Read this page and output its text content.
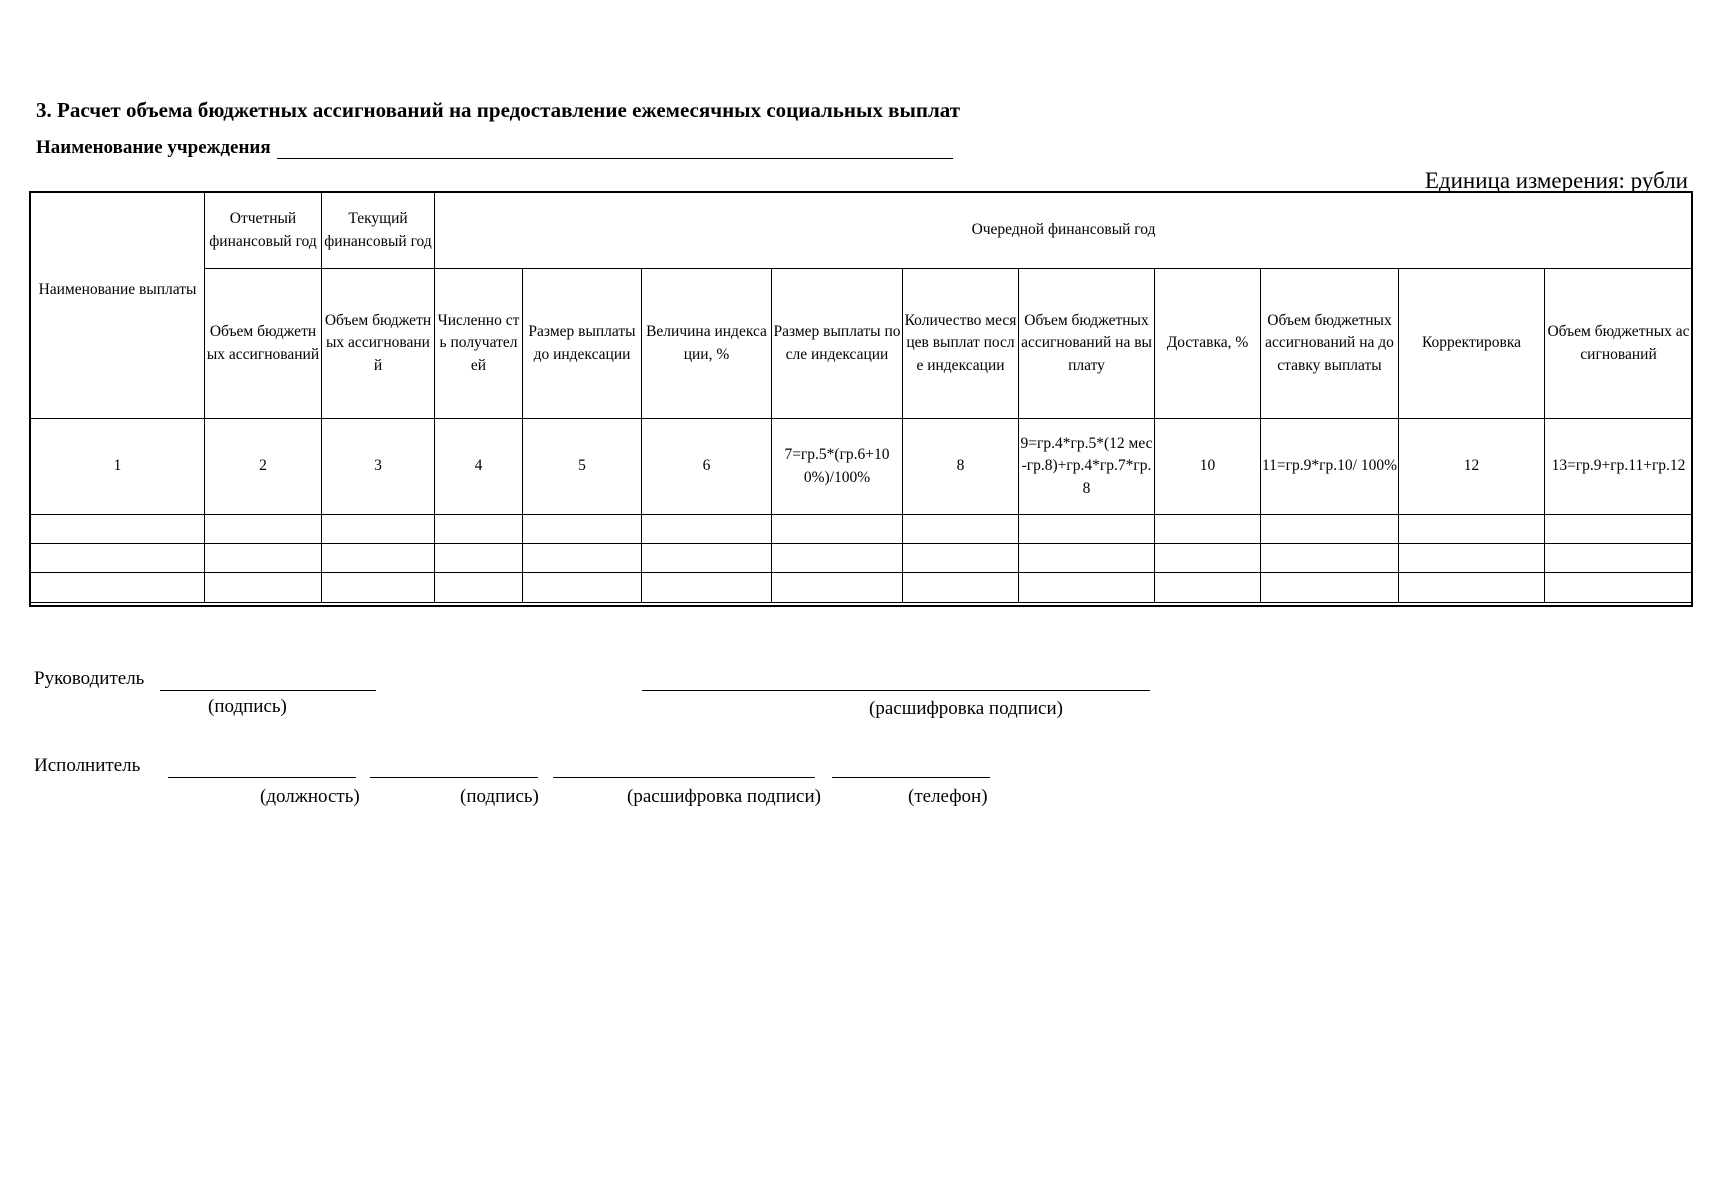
3. Расчет объема бюджетных ассигнований на предоставление ежемесячных социальных выплат
Наименование учреждения
Единица измерения: рубли
Наименование выплаты	Отчетный финансовый год	Текущий финансовый год	Очередной финансовый год									
	Объем бюджетных ассигнований	Объем бюджетных ассигновани й	Численно сть получател ей	Размер выплаты до индексации	Величина индексации, %	Размер выплаты после индексации	Количество месяцев выплат после индексации	Объем бюджетных ассигнований на выплату	Доставка, %	Объем бюджетных ассигнований на доставку выплаты	Корректировка	Объем бюджетных ассигнований
1	2	3	4	5	6	7=гр.5*(гр.6+100%)/100%	8	9=гр.4*гр.5*(12 мес-гр.8)+гр.4*гр.7*гр.8	10	11=гр.9*гр.10/ 100%	12	13=гр.9+гр.11+гр.12

Руководитель
(подпись)	(расшифровка подписи)
Исполнитель
(должность)	(подпись)	(расшифровка подписи)	(телефон)
